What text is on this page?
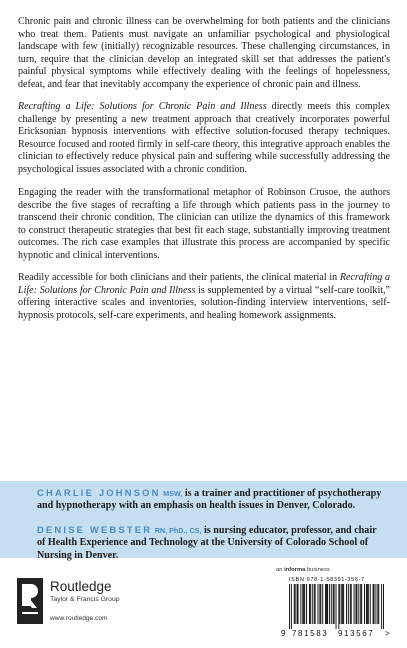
Chronic pain and chronic illness can be overwhelming for both patients and the clinicians who treat them. Patients must navigate an unfamiliar psychological and physiological landscape with few (initially) recognizable resources. These challenging circumstances, in turn, require that the clinician develop an integrated skill set that addresses the patient's painful physical symptoms while effectively dealing with the feelings of hopelessness, defeat, and fear that inevitably accompany the experience of chronic pain and illness.

Recrafting a Life: Solutions for Chronic Pain and Illness directly meets this complex challenge by presenting a new treatment approach that creatively incorporates powerful Ericksonian hypnosis interventions with effective solution-focused therapy techniques. Resource focused and rooted firmly in self-care theory, this integrative approach enables the clinician to effectively reduce physical pain and suffering while successfully addressing the psychological issues associated with a chronic condition.

Engaging the reader with the transformational metaphor of Robinson Crusoe, the authors describe the five stages of recrafting a life through which patients pass in the journey to transcend their chronic condition. The clinician can utilize the dynamics of this framework to construct therapeutic strategies that best fit each stage, substantially improving treatment outcomes. The rich case examples that illustrate this process are accompanied by specific hypnotic and clinical interventions.

Readily accessible for both clinicians and their patients, the clinical material in Recrafting a Life: Solutions for Chronic Pain and Illness is supplemented by a virtual “self-care toolkit,” offering interactive scales and inventories, solution-finding interview interventions, self-hypnosis protocols, self-care experiments, and healing homework assignments.

CHARLIE JOHNSON MSW, is a trainer and practitioner of psychotherapy and hypnotherapy with an emphasis on health issues in Denver, Colorado.
DENISE WEBSTER RN, PhD., CS, is nursing educator, professor, and chair of Health Experience and Technology at the University of Colorado School of Nursing in Denver.
an informa business
Routledge
Taylor & Francis Group
www.routledge.com
ISBN 978-1-58391-356-7
9 781583 913567 >
